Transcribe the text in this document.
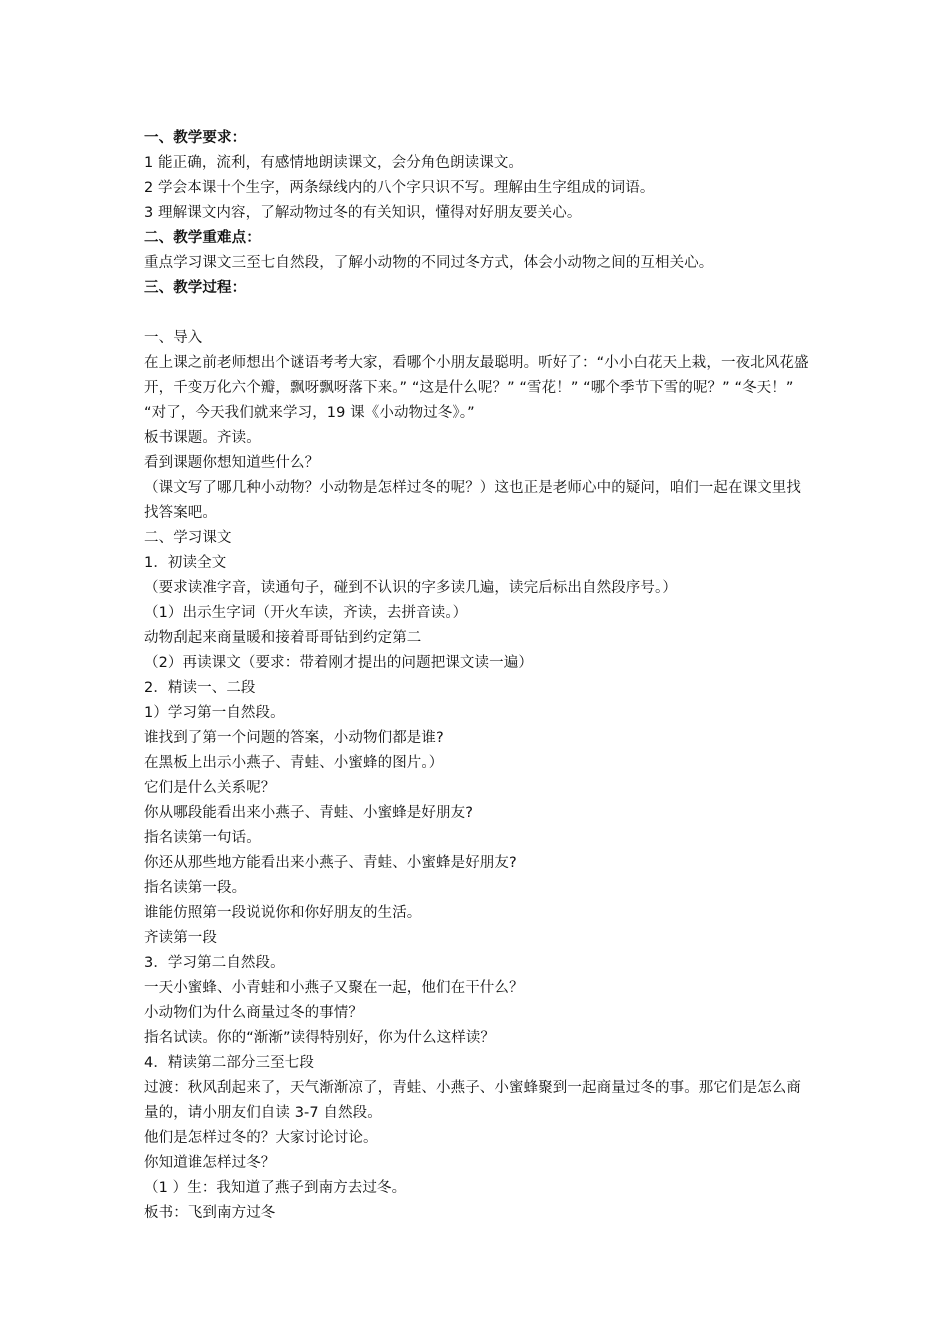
一、教学要求：
1 能正确，流利，有感情地朗读课文，会分角色朗读课文。
2 学会本课十个生字，两条绿线内的八个字只识不写。理解由生字组成的词语。
3 理解课文内容，了解动物过冬的有关知识，懂得对好朋友要关心。
二、教学重难点：
重点学习课文三至七自然段，了解小动物的不同过冬方式，体会小动物之间的互相关心。
三、教学过程：
一、导入
在上课之前老师想出个谜语考考大家，看哪个小朋友最聪明。听好了：“小小白花天上栽，一夜北风花盛开，千变万化六个瓣，飘呀飘呀落下来。” “这是什么呢？” “雪花！” “哪个季节下雪的呢？” “冬天！” “对了，今天我们就来学习，19 课《小动物过冬》。”
板书课题。齐读。
看到课题你想知道些什么？
（课文写了哪几种小动物？小动物是怎样过冬的呢？）这也正是老师心中的疑问，咱们一起在课文里找找答案吧。
二、学习课文
1．初读全文
（要求读准字音，读通句子，碰到不认识的字多读几遍，读完后标出自然段序号。）
（1）出示生字词（开火车读，齐读，去拼音读。）
动物刮起来商量暖和接着哥哥钻到约定第二
（2）再读课文（要求：带着刚才提出的问题把课文读一遍）
2．精读一、二段
1）学习第一自然段。
谁找到了第一个问题的答案，小动物们都是谁?
在黑板上出示小燕子、青蛙、小蜜蜂的图片。）
它们是什么关系呢？
你从哪段能看出来小燕子、青蛙、小蜜蜂是好朋友?
指名读第一句话。
你还从那些地方能看出来小燕子、青蛙、小蜜蜂是好朋友?
指名读第一段。
谁能仿照第一段说说你和你好朋友的生活。
齐读第一段
3．学习第二自然段。
一天小蜜蜂、小青蛙和小燕子又聚在一起，他们在干什么？
小动物们为什么商量过冬的事情？
指名试读。你的“渐渐”读得特别好，你为什么这样读？
4．精读第二部分三至七段
过渡：秋风刮起来了，天气渐渐凉了，青蛙、小燕子、小蜜蜂聚到一起商量过冬的事。那它们是怎么商量的，请小朋友们自读 3-7 自然段。
他们是怎样过冬的？大家讨论讨论。
你知道谁怎样过冬？
（1 ）生：我知道了燕子到南方去过冬。
板书：飞到南方过冬
